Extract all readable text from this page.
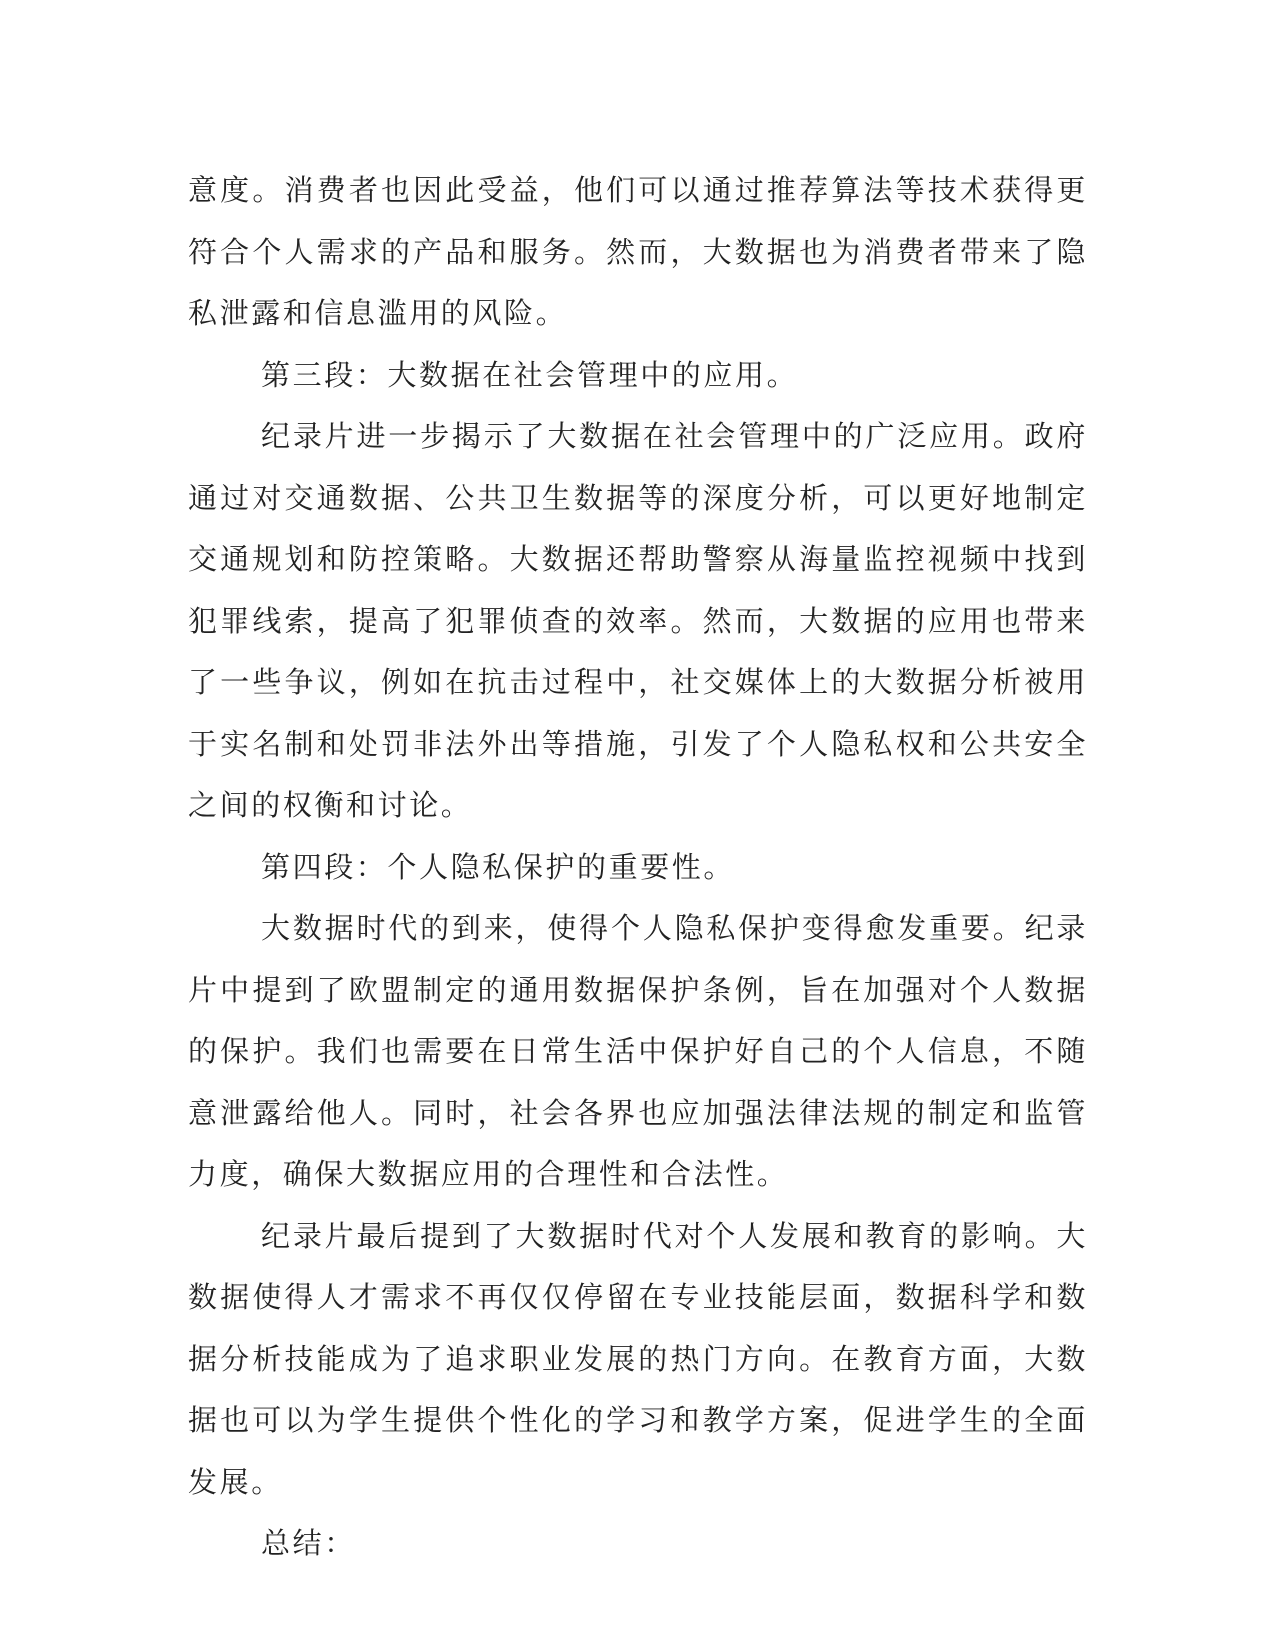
意度。消费者也因此受益，他们可以通过推荐算法等技术获得更符合个人需求的产品和服务。然而，大数据也为消费者带来了隐私泄露和信息滥用的风险。

第三段：大数据在社会管理中的应用。

纪录片进一步揭示了大数据在社会管理中的广泛应用。政府通过对交通数据、公共卫生数据等的深度分析，可以更好地制定交通规划和防控策略。大数据还帮助警察从海量监控视频中找到犯罪线索，提高了犯罪侦查的效率。然而，大数据的应用也带来了一些争议，例如在抗击过程中，社交媒体上的大数据分析被用于实名制和处罚非法外出等措施，引发了个人隐私权和公共安全之间的权衡和讨论。

第四段：个人隐私保护的重要性。

大数据时代的到来，使得个人隐私保护变得愈发重要。纪录片中提到了欧盟制定的通用数据保护条例，旨在加强对个人数据的保护。我们也需要在日常生活中保护好自己的个人信息，不随意泄露给他人。同时，社会各界也应加强法律法规的制定和监管力度，确保大数据应用的合理性和合法性。

纪录片最后提到了大数据时代对个人发展和教育的影响。大数据使得人才需求不再仅仅停留在专业技能层面，数据科学和数据分析技能成为了追求职业发展的热门方向。在教育方面，大数据也可以为学生提供个性化的学习和教学方案，促进学生的全面发展。

总结：
